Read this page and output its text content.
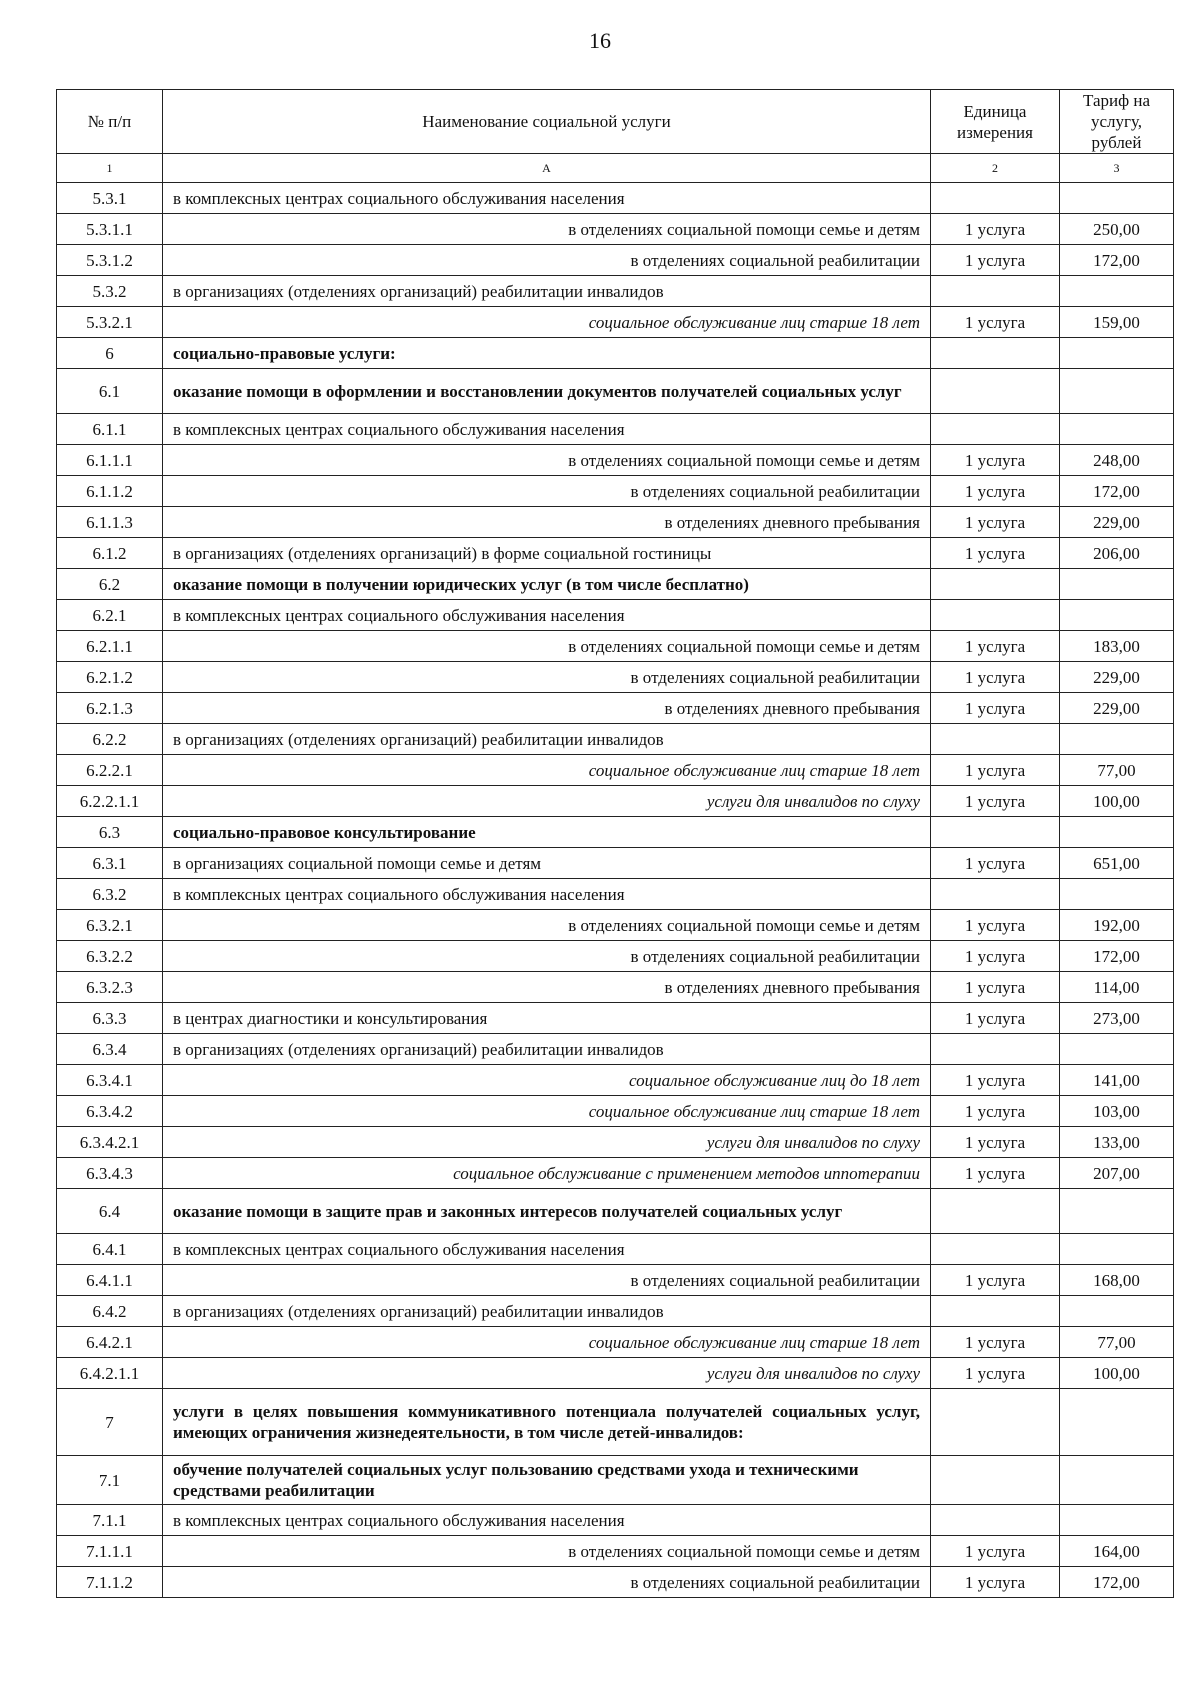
16
№ п/п	Наименование социальной услуги	Единица измерения	Тариф на услугу, рублей
1	А	2	3
5.3.1	в комплексных центрах социального обслуживания населения		
5.3.1.1	в отделениях социальной помощи семье и детям	1 услуга	250,00
5.3.1.2	в отделениях социальной реабилитации	1 услуга	172,00
5.3.2	в организациях (отделениях организаций) реабилитации инвалидов		
5.3.2.1	социальное обслуживание лиц старше 18 лет	1 услуга	159,00
6	социально-правовые услуги:		
6.1	оказание помощи в оформлении и восстановлении документов получателей социальных услуг		
6.1.1	в комплексных центрах социального обслуживания населения		
6.1.1.1	в отделениях социальной помощи семье и детям	1 услуга	248,00
6.1.1.2	в отделениях социальной реабилитации	1 услуга	172,00
6.1.1.3	в отделениях дневного пребывания	1 услуга	229,00
6.1.2	в организациях (отделениях организаций) в форме социальной гостиницы	1 услуга	206,00
6.2	оказание помощи в получении юридических услуг (в том числе бесплатно)		
6.2.1	в комплексных центрах социального обслуживания населения		
6.2.1.1	в отделениях социальной помощи семье и детям	1 услуга	183,00
6.2.1.2	в отделениях социальной реабилитации	1 услуга	229,00
6.2.1.3	в отделениях дневного пребывания	1 услуга	229,00
6.2.2	в организациях (отделениях организаций) реабилитации инвалидов		
6.2.2.1	социальное обслуживание лиц старше 18 лет	1 услуга	77,00
6.2.2.1.1	услуги для инвалидов по слуху	1 услуга	100,00
6.3	социально-правовое консультирование		
6.3.1	в организациях социальной помощи семье и детям	1 услуга	651,00
6.3.2	в комплексных центрах социального обслуживания населения		
6.3.2.1	в отделениях социальной помощи семье и детям	1 услуга	192,00
6.3.2.2	в отделениях социальной реабилитации	1 услуга	172,00
6.3.2.3	в отделениях дневного пребывания	1 услуга	114,00
6.3.3	в центрах диагностики и консультирования	1 услуга	273,00
6.3.4	в организациях (отделениях организаций) реабилитации инвалидов		
6.3.4.1	социальное обслуживание лиц до 18 лет	1 услуга	141,00
6.3.4.2	социальное обслуживание лиц старше 18 лет	1 услуга	103,00
6.3.4.2.1	услуги для инвалидов по слуху	1 услуга	133,00
6.3.4.3	социальное обслуживание с применением методов иппотерапии	1 услуга	207,00
6.4	оказание помощи в защите прав и законных интересов получателей социальных услуг		
6.4.1	в комплексных центрах социального обслуживания населения		
6.4.1.1	в отделениях социальной реабилитации	1 услуга	168,00
6.4.2	в организациях (отделениях организаций) реабилитации инвалидов		
6.4.2.1	социальное обслуживание лиц старше 18 лет	1 услуга	77,00
6.4.2.1.1	услуги для инвалидов по слуху	1 услуга	100,00
7	услуги в целях повышения коммуникативного потенциала получателей социальных услуг, имеющих ограничения жизнедеятельности, в том числе детей-инвалидов:		
7.1	обучение получателей социальных услуг пользованию средствами ухода и техническими средствами реабилитации		
7.1.1	в комплексных центрах социального обслуживания населения		
7.1.1.1	в отделениях социальной помощи семье и детям	1 услуга	164,00
7.1.1.2	в отделениях социальной реабилитации	1 услуга	172,00
